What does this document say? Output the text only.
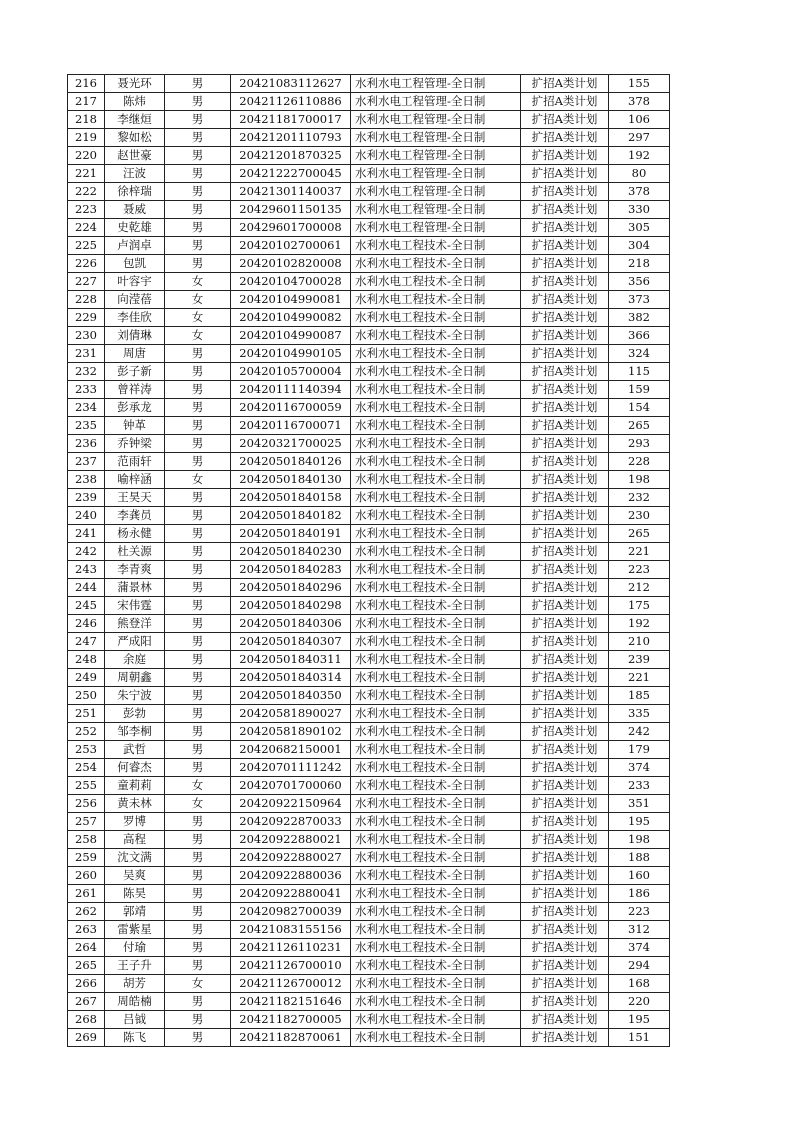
216	聂光环	男	20421083112627	水利水电工程管理-全日制	扩招A类计划	155
217	陈炜	男	20421126110886	水利水电工程管理-全日制	扩招A类计划	378
218	李继烜	男	20421181700017	水利水电工程管理-全日制	扩招A类计划	106
219	黎如松	男	20421201110793	水利水电工程管理-全日制	扩招A类计划	297
220	赵世豪	男	20421201870325	水利水电工程管理-全日制	扩招A类计划	192
221	汪波	男	20421222700045	水利水电工程管理-全日制	扩招A类计划	80
222	徐梓瑞	男	20421301140037	水利水电工程管理-全日制	扩招A类计划	378
223	聂威	男	20429601150135	水利水电工程管理-全日制	扩招A类计划	330
224	史乾雄	男	20429601700008	水利水电工程管理-全日制	扩招A类计划	305
225	卢润卓	男	20420102700061	水利水电工程技术-全日制	扩招A类计划	304
226	包凯	男	20420102820008	水利水电工程技术-全日制	扩招A类计划	218
227	叶容宇	女	20420104700028	水利水电工程技术-全日制	扩招A类计划	356
228	向滢蓓	女	20420104990081	水利水电工程技术-全日制	扩招A类计划	373
229	李佳欣	女	20420104990082	水利水电工程技术-全日制	扩招A类计划	382
230	刘倩琳	女	20420104990087	水利水电工程技术-全日制	扩招A类计划	366
231	周唐	男	20420104990105	水利水电工程技术-全日制	扩招A类计划	324
232	彭子新	男	20420105700004	水利水电工程技术-全日制	扩招A类计划	115
233	曾祥涛	男	20420111140394	水利水电工程技术-全日制	扩招A类计划	159
234	彭承龙	男	20420116700059	水利水电工程技术-全日制	扩招A类计划	154
235	钟革	男	20420116700071	水利水电工程技术-全日制	扩招A类计划	265
236	乔钟梁	男	20420321700025	水利水电工程技术-全日制	扩招A类计划	293
237	范雨轩	男	20420501840126	水利水电工程技术-全日制	扩招A类计划	228
238	喻梓涵	女	20420501840130	水利水电工程技术-全日制	扩招A类计划	198
239	王昊天	男	20420501840158	水利水电工程技术-全日制	扩招A类计划	232
240	李龚员	男	20420501840182	水利水电工程技术-全日制	扩招A类计划	230
241	杨永健	男	20420501840191	水利水电工程技术-全日制	扩招A类计划	265
242	杜关源	男	20420501840230	水利水电工程技术-全日制	扩招A类计划	221
243	李青爽	男	20420501840283	水利水电工程技术-全日制	扩招A类计划	223
244	蒲景林	男	20420501840296	水利水电工程技术-全日制	扩招A类计划	212
245	宋伟霆	男	20420501840298	水利水电工程技术-全日制	扩招A类计划	175
246	熊登洋	男	20420501840306	水利水电工程技术-全日制	扩招A类计划	192
247	严成阳	男	20420501840307	水利水电工程技术-全日制	扩招A类计划	210
248	余庭	男	20420501840311	水利水电工程技术-全日制	扩招A类计划	239
249	周朝鑫	男	20420501840314	水利水电工程技术-全日制	扩招A类计划	221
250	朱宁波	男	20420501840350	水利水电工程技术-全日制	扩招A类计划	185
251	彭勃	男	20420581890027	水利水电工程技术-全日制	扩招A类计划	335
252	邹李桐	男	20420581890102	水利水电工程技术-全日制	扩招A类计划	242
253	武哲	男	20420682150001	水利水电工程技术-全日制	扩招A类计划	179
254	何睿杰	男	20420701111242	水利水电工程技术-全日制	扩招A类计划	374
255	童莉莉	女	20420701700060	水利水电工程技术-全日制	扩招A类计划	233
256	黄未林	女	20420922150964	水利水电工程技术-全日制	扩招A类计划	351
257	罗博	男	20420922870033	水利水电工程技术-全日制	扩招A类计划	195
258	高程	男	20420922880021	水利水电工程技术-全日制	扩招A类计划	198
259	沈文满	男	20420922880027	水利水电工程技术-全日制	扩招A类计划	188
260	吴爽	男	20420922880036	水利水电工程技术-全日制	扩招A类计划	160
261	陈昊	男	20420922880041	水利水电工程技术-全日制	扩招A类计划	186
262	郭靖	男	20420982700039	水利水电工程技术-全日制	扩招A类计划	223
263	雷紫星	男	20421083155156	水利水电工程技术-全日制	扩招A类计划	312
264	付瑜	男	20421126110231	水利水电工程技术-全日制	扩招A类计划	374
265	王子升	男	20421126700010	水利水电工程技术-全日制	扩招A类计划	294
266	胡芳	女	20421126700012	水利水电工程技术-全日制	扩招A类计划	168
267	周皓楠	男	20421182151646	水利水电工程技术-全日制	扩招A类计划	220
268	吕钺	男	20421182700005	水利水电工程技术-全日制	扩招A类计划	195
269	陈飞	男	20421182870061	水利水电工程技术-全日制	扩招A类计划	151
